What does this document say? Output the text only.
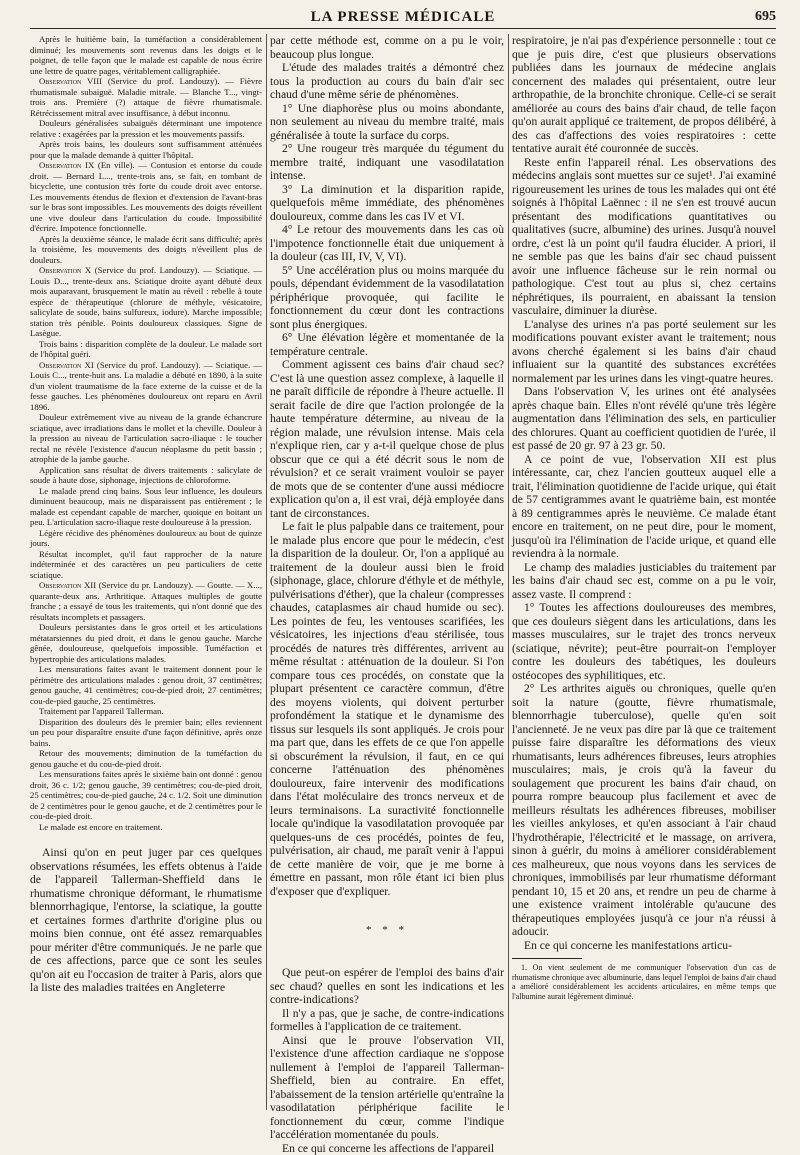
LA PRESSE MÉDICALE	695

Après le huitième bain, la tuméfaction a considérablement diminué; les mouvements sont revenus dans les doigts et le poignet, de telle façon que le malade est capable de nous écrire une lettre de quatre pages, véritablement calligraphiée.

Observation VIII (Service du prof. Landouzy). — Fièvre rhumatismale subaiguë. Maladie mitrale. — Blanche T..., vingt-trois ans. Première (?) attaque de fièvre rhumatismale. Rétrécissement mitral avec insuffisance, à début inconnu.

Douleurs généralisées subaiguës déterminant une impotence relative : exagérées par la pression et les mouvements passifs.

Après trois bains, les douleurs sont suffisamment atténuées pour que la malade demande à quitter l'hôpital.

Observation IX (En ville). — Contusion et entorse du coude droit. — Bernard L..., trente-trois ans, se fait, en tombant de bicyclette, une contusion très forte du coude droit avec entorse. Les mouvements étendus de flexion et d'extension de l'avant-bras sur le bras sont impossibles. Les mouvements des doigts réveillent une vive douleur dans l'articulation du coude. Impossibilité d'écrire. Impotence fonctionnelle.

Après la deuxième séance, le malade écrit sans difficulté; après la troisième, les mouvements des doigts n'éveillent plus de douleurs.

Observation X (Service du prof. Landouzy). — Sciatique. — Louis D..., trente-deux ans. Sciatique droite ayant débuté deux mois auparavant, brusquement le matin au réveil : rebelle à toute espèce de thérapeutique (chlorure de méthyle, vésicatoire, salicylate de soude, bains sulfureux, iodure). Marche impossible; station très pénible. Points douloureux classiques. Signe de Lasègue.

Trois bains : disparition complète de la douleur. Le malade sort de l'hôpital guéri.

Observation XI (Service du prof. Landouzy). — Sciatique. — Louis C..., trente-huit ans. La maladie a débuté en 1890, à la suite d'un violent traumatisme de la face externe de la cuisse et de la fesse gauches. Les phénomènes douloureux ont reparu en Avril 1896.

Douleur extrêmement vive au niveau de la grande échancrure sciatique, avec irradiations dans le mollet et la cheville. Douleur à la pression au niveau de l'articulation sacro-iliaque : le toucher rectal ne révèle l'existence d'aucun néoplasme du petit bassin ; atrophie de la jambe gauche.

Application sans résultat de divers traitements : salicylate de soude à haute dose, siphonage, injections de chloroforme.

Le malade prend cinq bains. Sous leur influence, les douleurs diminuent beaucoup, mais ne disparaissent pas entièrement ; le malade est cependant capable de marcher, quoique en boitant un peu. L'articulation sacro-iliaque reste douloureuse à la pression.

Légère récidive des phénomènes douloureux au bout de quinze jours.

Résultat incomplet, qu'il faut rapprocher de la nature indéterminée et des caractères un peu particuliers de cette sciatique.

Observation XII (Service du pr. Landouzy). — Goutte. — X..., quarante-deux ans. Arthritique. Attaques multiples de goutte franche ; a essayé de tous les traitements, qui n'ont donné que des résultats incomplets et passagers.

Douleurs persistantes dans le gros orteil et les articulations métatarsiennes du pied droit, et dans le genou gauche. Marche gênée, douloureuse, quelquefois impossible. Tuméfaction et hypertrophie des articulations malades.

Les mensurations faites avant le traitement donnent pour le périmètre des articulations malades : genou droit, 37 centimètres; genou gauche, 41 centimètres; cou-de-pied droit, 27 centimètres; cou-de-pied gauche, 25 centimètres.

Traitement par l'appareil Tallerman.

Disparition des douleurs dès le premier bain; elles reviennent un peu pour disparaître ensuite d'une façon définitive, après onze bains.

Retour des mouvements; diminution de la tuméfaction du genou gauche et du cou-de-pied droit.

Les mensurations faites après le sixième bain ont donné : genou droit, 36 c. 1/2; genou gauche, 39 centimètres; cou-de-pied droit, 25 centimètres; cou-de-pied gauche, 24 c. 1/2. Soit une diminution de 2 centimètres pour le genou gauche, et de 2 centimètres pour le cou-de-pied droit.

Le malade est encore en traitement.

Ainsi qu'on en peut juger par ces quelques observations résumées, les effets obtenus à l'aide de l'appareil Tallerman-Sheffield dans le rhumatisme chronique déformant, le rhumatisme blennorrhagique, l'entorse, la sciatique, la goutte et certaines formes d'arthrite d'origine plus ou moins bien connue, ont été assez remarquables pour mériter d'être communiqués. Je ne parle que de ces affections, parce que ce sont les seules qu'on ait eu l'occasion de traiter à Paris, alors que la liste des maladies traitées en Angleterre

par cette méthode est, comme on a pu le voir, beaucoup plus longue.

L'étude des malades traités a démontré chez tous la production au cours du bain d'air sec chaud d'une même série de phénomènes.

1° Une diaphorèse plus ou moins abondante, non seulement au niveau du membre traité, mais généralisée à toute la surface du corps.

2° Une rougeur très marquée du tégument du membre traité, indiquant une vasodilatation intense.

3° La diminution et la disparition rapide, quelquefois même immédiate, des phénomènes douloureux, comme dans les cas IV et VI.

4° Le retour des mouvements dans les cas où l'impotence fonctionnelle était due uniquement à la douleur (cas III, IV, V, VI).

5° Une accélération plus ou moins marquée du pouls, dépendant évidemment de la vasodilatation périphérique provoquée, qui facilite le fonctionnement du cœur dont les contractions sont plus énergiques.

6° Une élévation légère et momentanée de la température centrale.

Comment agissent ces bains d'air chaud sec? C'est là une question assez complexe, à laquelle il ne paraît difficile de répondre à l'heure actuelle. Il serait facile de dire que l'action prolongée de la haute température détermine, au niveau de la région malade, une révulsion intense. Mais cela n'explique rien, car y a-t-il quelque chose de plus obscur que ce qui a été décrit sous le nom de révulsion? et ce serait vraiment vouloir se payer de mots que de se contenter d'une aussi médiocre explication qu'on a, il est vrai, déjà employée dans tant de circonstances.

Le fait le plus palpable dans ce traitement, pour le malade plus encore que pour le médecin, c'est la disparition de la douleur. Or, l'on a appliqué au traitement de la douleur aussi bien le froid (siphonage, glace, chlorure d'éthyle et de méthyle, pulvérisations d'éther), que la chaleur (compresses chaudes, cataplasmes air chaud humide ou sec). Les pointes de feu, les ventouses scarifiées, les vésicatoires, les injections d'eau stérilisée, tous procédés de natures très différentes, arrivent au même résultat : atténuation de la douleur. Si l'on compare tous ces procédés, on constate que la plupart présentent ce caractère commun, d'être des moyens violents, qui doivent perturber profondément la statique et le dynamisme des tissus sur lesquels ils sont appliqués. Je crois pour ma part que, dans les effets de ce que l'on appelle si obscurément la révulsion, il faut, en ce qui concerne l'atténuation des phénomènes douloureux, faire intervenir des modifications dans l'état moléculaire des troncs nerveux et de leurs terminaisons. La suractivité fonctionnelle locale qu'indique la vasodilatation provoquée par quelques-uns de ces procédés, pointes de feu, pulvérisation, air chaud, me paraît venir à l'appui de cette manière de voir, que je me borne à émettre en passant, mon rôle étant ici bien plus d'exposer que d'expliquer.

* * *

Que peut-on espérer de l'emploi des bains d'air sec chaud? quelles en sont les indications et les contre-indications?

Il n'y a pas, que je sache, de contre-indications formelles à l'application de ce traitement.

Ainsi que le prouve l'observation VII, l'existence d'une affection cardiaque ne s'oppose nullement à l'emploi de l'appareil Tallerman-Sheffield, bien au contraire. En effet, l'abaissement de la tension artérielle qu'entraîne la vasodilatation périphérique facilite le fonctionnement du cœur, comme l'indique l'accélération momentanée du pouls.

En ce qui concerne les affections de l'appareil

respiratoire, je n'ai pas d'expérience personnelle : tout ce que je puis dire, c'est que plusieurs observations publiées dans les journaux de médecine anglais concernent des malades qui présentaient, outre leur arthropathie, de la bronchite chronique. Celle-ci se serait améliorée au cours des bains d'air chaud, de telle façon qu'on aurait appliqué ce traitement, de propos délibéré, à des cas d'affections des voies respiratoires : cette tentative aurait été couronnée de succès.

Reste enfin l'appareil rénal. Les observations des médecins anglais sont muettes sur ce sujet¹. J'ai examiné rigoureusement les urines de tous les malades qui ont été soignés à l'hôpital Laënnec : il ne s'en est trouvé aucun présentant des modifications quantitatives ou qualitatives (sucre, albumine) des urines. Jusqu'à nouvel ordre, c'est là un point qu'il faudra élucider. A priori, il ne semble pas que les bains d'air sec chaud puissent avoir une influence fâcheuse sur le rein normal ou pathologique. C'est tout au plus si, chez certains néphrétiques, ils pourraient, en abaissant la tension vasculaire, diminuer la diurèse.

L'analyse des urines n'a pas porté seulement sur les modifications pouvant exister avant le traitement; nous avons cherché également si les bains d'air chaud influaient sur la quantité des substances excrétées normalement par les urines dans les vingt-quatre heures.

Dans l'observation V, les urines ont été analysées après chaque bain. Elles n'ont révélé qu'une très légère augmentation dans l'élimination des sels, en particulier des chlorures. Quant au coefficient quotidien de l'urée, il est passé de 20 gr. 97 à 23 gr. 50.

A ce point de vue, l'observation XII est plus intéressante, car, chez l'ancien goutteux auquel elle a trait, l'élimination quotidienne de l'acide urique, qui était de 57 centigrammes avant le quatrième bain, est montée à 89 centigrammes après le neuvième. Ce malade étant encore en traitement, on ne peut dire, pour le moment, jusqu'où ira l'élimination de l'acide urique, et quand elle reviendra à la normale.

Le champ des maladies justiciables du traitement par les bains d'air chaud sec est, comme on a pu le voir, assez vaste. Il comprend :

1° Toutes les affections douloureuses des membres, que ces douleurs siègent dans les articulations, dans les masses musculaires, sur le trajet des troncs nerveux (sciatique, névrite); peut-être pourrait-on l'employer contre les douleurs des tabétiques, les douleurs ostéocopes des syphilitiques, etc.

2° Les arthrites aiguës ou chroniques, quelle qu'en soit la nature (goutte, fièvre rhumatismale, blennorrhagie tuberculose), quelle qu'en soit l'ancienneté. Je ne veux pas dire par là que ce traitement puisse faire disparaître les déformations des vieux rhumatisants, leurs adhérences fibreuses, leurs atrophies musculaires; mais, je crois qu'à la faveur du soulagement que procurent les bains d'air chaud, on pourra rompre beaucoup plus facilement et avec de meilleurs résultats les adhérences fibreuses, mobiliser les vieilles ankyloses, et qu'en associant à l'air chaud l'hydrothérapie, l'électricité et le massage, on arrivera, sinon à guérir, du moins à améliorer considérablement ces malheureux, que nous voyons dans les services de chroniques, immobilisés par leur rhumatisme déformant pendant 10, 15 et 20 ans, et rendre un peu de charme à une existence vraiment intolérable qu'aucune des thérapeutiques employées jusqu'à ce jour n'a réussi à adoucir.

En ce qui concerne les manifestations articu-

1. On vient seulement de me communiquer l'observation d'un cas de rhumatisme chronique avec albuminurie, dans lequel l'emploi de bains d'air chaud a amélioré considérablement les accidents articulaires, en même temps que l'albumine aurait légèrement diminué.
